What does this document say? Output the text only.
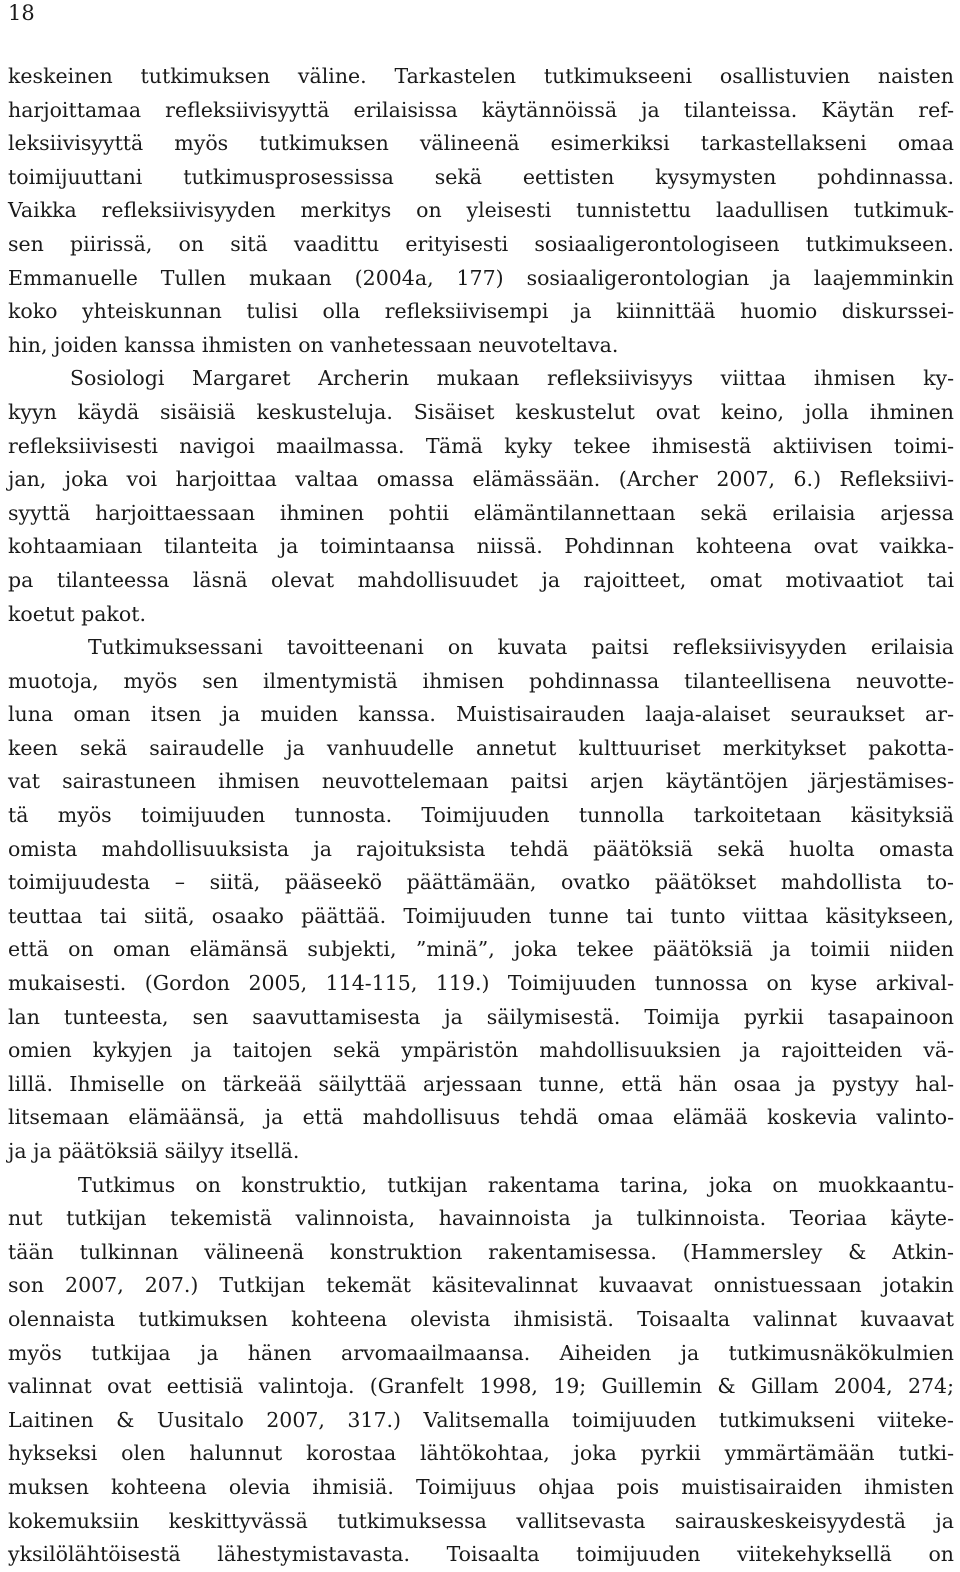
18
keskeinen tutkimuksen väline. Tarkastelen tutkimukseeni osallistuvien naisten
harjoittamaa refleksiivisyyttä erilaisissa käytännöissä ja tilanteissa. Käytän ref-
leksiivisyyttä myös tutkimuksen välineenä esimerkiksi tarkastellakseni omaa
toimijuuttani tutkimusprosessissa sekä eettisten kysymysten pohdinnassa.
Vaikka refleksiivisyyden merkitys on yleisesti tunnistettu laadullisen tutkimuk-
sen piirissä, on sitä vaadittu erityisesti sosiaaligerontologiseen tutkimukseen.
Emmanuelle Tullen mukaan (2004a, 177) sosiaaligerontologian ja laajemminkin
koko yhteiskunnan tulisi olla refleksiivisempi ja kiinnittää huomio diskurssei-
hin, joiden kanssa ihmisten on vanhetessaan neuvoteltava.
Sosiologi Margaret Archerin mukaan refleksiivisyys viittaa ihmisen ky-
kyyn käydä sisäisiä keskusteluja. Sisäiset keskustelut ovat keino, jolla ihminen
refleksiivisesti navigoi maailmassa. Tämä kyky tekee ihmisestä aktiivisen toimi-
jan, joka voi harjoittaa valtaa omassa elämässään. (Archer 2007, 6.) Refleksiivi-
syyttä harjoittaessaan ihminen pohtii elämäntilannettaan sekä erilaisia arjessa
kohtaamiaan tilanteita ja toimintaansa niissä. Pohdinnan kohteena ovat vaikka-
pa tilanteessa läsnä olevat mahdollisuudet ja rajoitteet, omat motivaatiot tai
koetut pakot.
Tutkimuksessani tavoitteenani on kuvata paitsi refleksiivisyyden erilaisia
muotoja, myös sen ilmentymistä ihmisen pohdinnassa tilanteellisena neuvotte-
luna oman itsen ja muiden kanssa. Muistisairauden laaja-alaiset seuraukset ar-
keen sekä sairaudelle ja vanhuudelle annetut kulttuuriset merkitykset pakotta-
vat sairastuneen ihmisen neuvottelemaan paitsi arjen käytäntöjen järjestämises-
tä myös toimijuuden tunnosta. Toimijuuden tunnolla tarkoitetaan käsityksiä
omista mahdollisuuksista ja rajoituksista tehdä päätöksiä sekä huolta omasta
toimijuudesta – siitä, pääseekö päättämään, ovatko päätökset mahdollista to-
teuttaa tai siitä, osaako päättää. Toimijuuden tunne tai tunto viittaa käsitykseen,
että on oman elämänsä subjekti, ”minä”, joka tekee päätöksiä ja toimii niiden
mukaisesti. (Gordon 2005, 114-115, 119.) Toimijuuden tunnossa on kyse arkival-
lan tunteesta, sen saavuttamisesta ja säilymisestä. Toimija pyrkii tasapainoon
omien kykyjen ja taitojen sekä ympäristön mahdollisuuksien ja rajoitteiden vä-
lillä. Ihmiselle on tärkeää säilyttää arjessaan tunne, että hän osaa ja pystyy hal-
litsemaan elämäänsä, ja että mahdollisuus tehdä omaa elämää koskevia valinto-
ja ja päätöksiä säilyy itsellä.
Tutkimus on konstruktio, tutkijan rakentama tarina, joka on muokkaantu-
nut tutkijan tekemistä valinnoista, havainnoista ja tulkinnoista. Teoriaa käyte-
tään tulkinnan välineenä konstruktion rakentamisessa. (Hammersley & Atkin-
son 2007, 207.) Tutkijan tekemät käsitevalinnat kuvaavat onnistuessaan jotakin
olennaista tutkimuksen kohteena olevista ihmisistä. Toisaalta valinnat kuvaavat
myös tutkijaa ja hänen arvomaailmaansa. Aiheiden ja tutkimusnäkökulmien
valinnat ovat eettisiä valintoja. (Granfelt 1998, 19; Guillemin & Gillam 2004, 274;
Laitinen & Uusitalo 2007, 317.) Valitsemalla toimijuuden tutkimukseni viiteke-
hykseksi olen halunnut korostaa lähtökohtaa, joka pyrkii ymmärtämään tutki-
muksen kohteena olevia ihmisiä. Toimijuus ohjaa pois muistisairaiden ihmisten
kokemuksiin keskittyvässä tutkimuksessa vallitsevasta sairauskeskeisyydestä ja
yksilölähtöisestä lähestymistavasta. Toisaalta toimijuuden viitekehyksellä on
